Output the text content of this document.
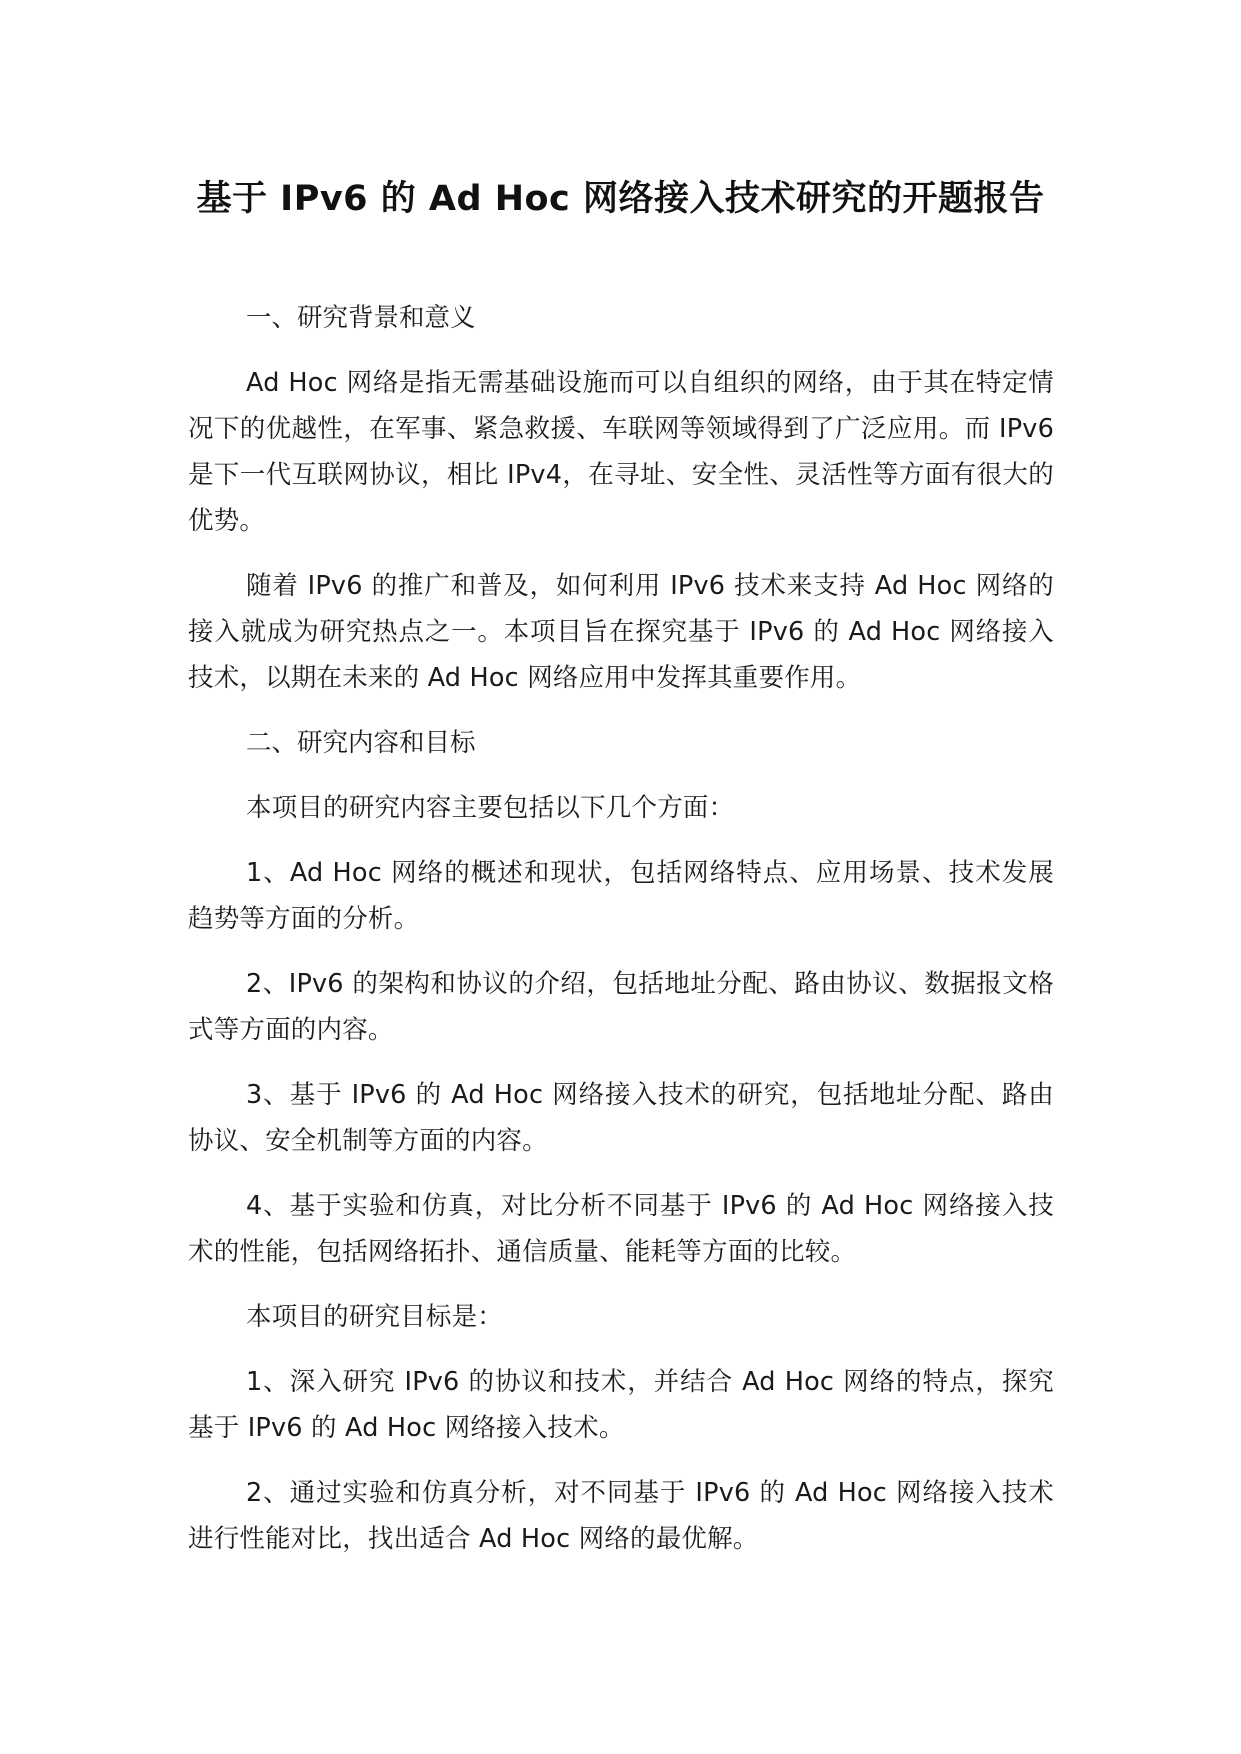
基于 IPv6 的 Ad Hoc 网络接入技术研究的开题报告

一、研究背景和意义

Ad Hoc 网络是指无需基础设施而可以自组织的网络，由于其在特定情况下的优越性，在军事、紧急救援、车联网等领域得到了广泛应用。而 IPv6 是下一代互联网协议，相比 IPv4，在寻址、安全性、灵活性等方面有很大的优势。

随着 IPv6 的推广和普及，如何利用 IPv6 技术来支持 Ad Hoc 网络的接入就成为研究热点之一。本项目旨在探究基于 IPv6 的 Ad Hoc 网络接入技术，以期在未来的 Ad Hoc 网络应用中发挥其重要作用。

二、研究内容和目标

本项目的研究内容主要包括以下几个方面：

1、Ad Hoc 网络的概述和现状，包括网络特点、应用场景、技术发展趋势等方面的分析。

2、IPv6 的架构和协议的介绍，包括地址分配、路由协议、数据报文格式等方面的内容。

3、基于 IPv6 的 Ad Hoc 网络接入技术的研究，包括地址分配、路由协议、安全机制等方面的内容。

4、基于实验和仿真，对比分析不同基于 IPv6 的 Ad Hoc 网络接入技术的性能，包括网络拓扑、通信质量、能耗等方面的比较。

本项目的研究目标是：

1、深入研究 IPv6 的协议和技术，并结合 Ad Hoc 网络的特点，探究基于 IPv6 的 Ad Hoc 网络接入技术。

2、通过实验和仿真分析，对不同基于 IPv6 的 Ad Hoc 网络接入技术进行性能对比，找出适合 Ad Hoc 网络的最优解。
